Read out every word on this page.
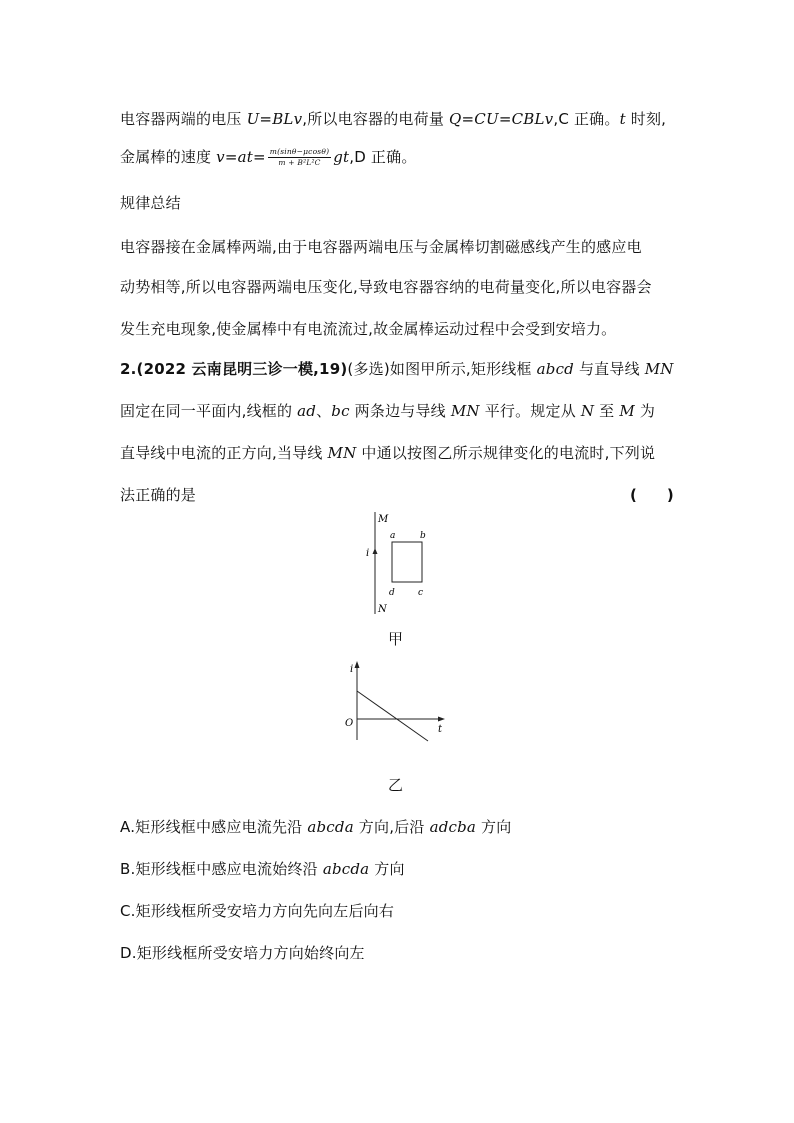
电容器两端的电压 U=BLv,所以电容器的电荷量 Q=CU=CBLv,C 正确。t 时刻,
金属棒的速度 $v=at= \frac{m(\sin\theta-\mu\cos\theta)}{\text{m + B²L²C}} gt,D$ 正确。
规律总结
电容器接在金属棒两端,由于电容器两端电压与金属棒切割磁感线产生的感应电
动势相等,所以电容器两端电压变化,导致电容器容纳的电荷量变化,所以电容器会
发生充电现象,使金属棒中有电流流过,故金属棒运动过程中会受到安培力。
2.(2022 云南昆明三诊一模,19)(多选)如图甲所示,矩形线框 abcd 与直导线 MN
固定在同一平面内,线框的 ad、bc 两条边与导线 MN 平行。规定从 N 至 M 为
直导线中电流的正方向,当导线 MN 中通以按图乙所示规律变化的电流时,下列说
法正确的是	(　　)
M
N
i
a	b
c
d
甲
i
O
t
乙
A.矩形线框中感应电流先沿 abcda 方向,后沿 adcba 方向
B.矩形线框中感应电流始终沿 abcda 方向
C.矩形线框所受安培力方向先向左后向右
D.矩形线框所受安培力方向始终向左
